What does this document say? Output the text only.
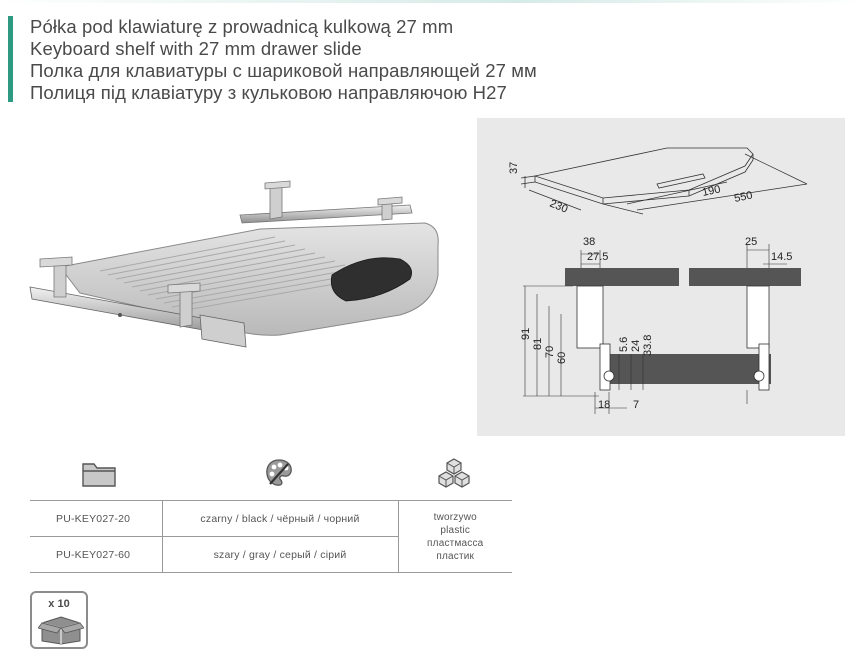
Półka pod klawiaturę z prowadnicą kulkową 27 mm
Keyboard shelf with 27 mm drawer slide
Полка для клавиатуры с шариковой направляющей 27 мм
Полиця під клавіатуру з кульковою направляючою H27
37
230
190 550
38
27.5
91
81
70 60
5.6 24 33.8
18 7
25
14.5
PU-KEY027-20	czarny / black / чёрный / чорний	tworzywo
plastic
пластмасса
пластик

PU-KEY027-60	szary / gray / серый / сірий	
x 10
